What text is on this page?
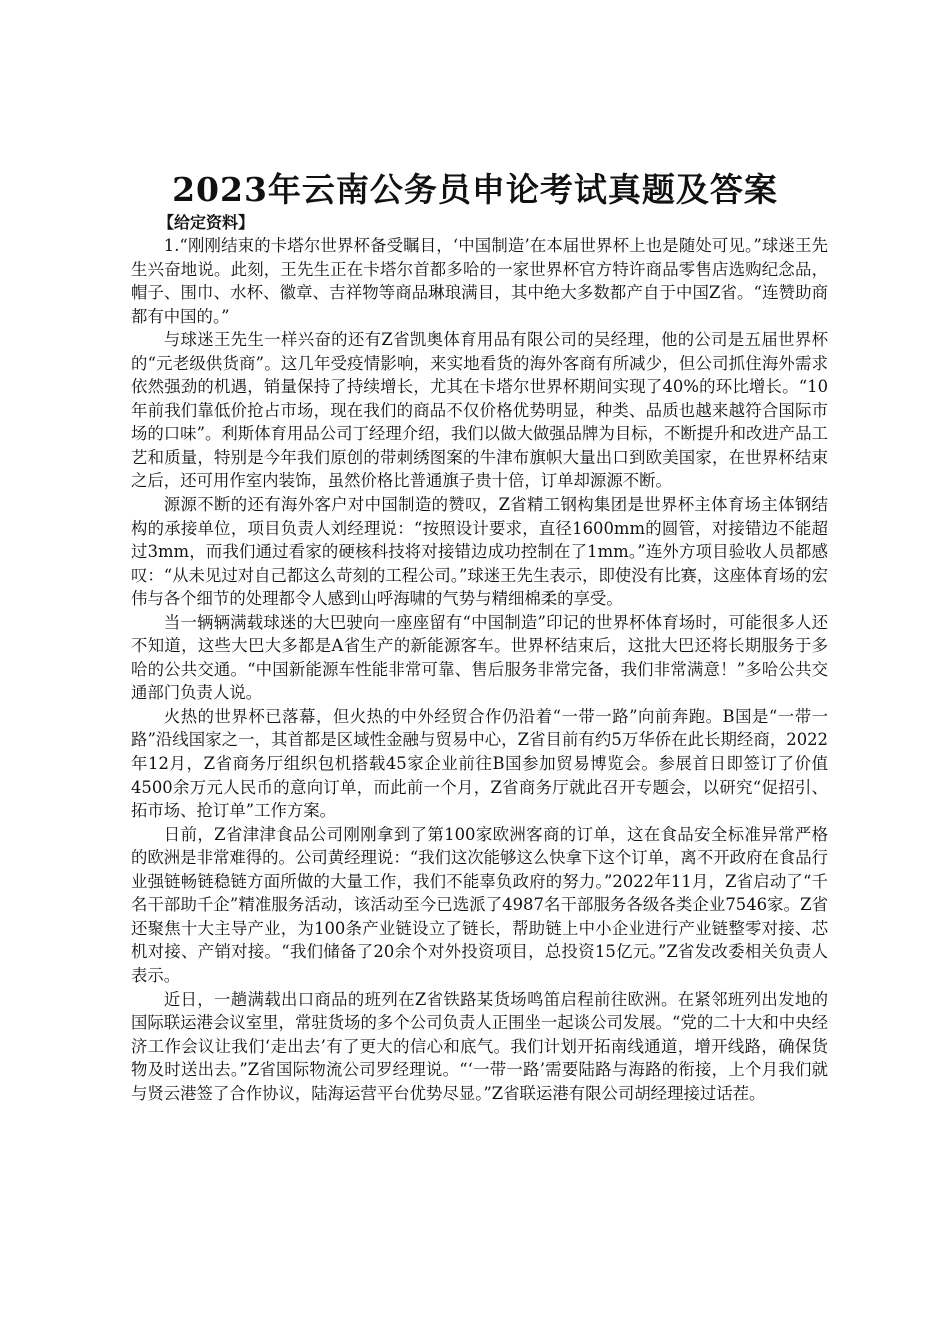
2023年云南公务员申论考试真题及答案
【给定资料】

1.“刚刚结束的卡塔尔世界杯备受瞩目，‘中国制造’在本届世界杯上也是随处可见。”球迷王先生兴奋地说。此刻，王先生正在卡塔尔首都多哈的一家世界杯官方特许商品零售店选购纪念品，帽子、围巾、水杯、徽章、吉祥物等商品琳琅满目，其中绝大多数都产自于中国Z省。“连赞助商都有中国的。”

与球迷王先生一样兴奋的还有Z省凯奥体育用品有限公司的吴经理，他的公司是五届世界杯的“元老级供货商”。这几年受疫情影响，来实地看货的海外客商有所减少，但公司抓住海外需求依然强劲的机遇，销量保持了持续增长，尤其在卡塔尔世界杯期间实现了40%的环比增长。“10年前我们靠低价抢占市场，现在我们的商品不仅价格优势明显，种类、品质也越来越符合国际市场的口味”。利斯体育用品公司丁经理介绍，我们以做大做强品牌为目标，不断提升和改进产品工艺和质量，特别是今年我们原创的带刺绣图案的牛津布旗帜大量出口到欧美国家，在世界杯结束之后，还可用作室内装饰，虽然价格比普通旗子贵十倍，订单却源源不断。

源源不断的还有海外客户对中国制造的赞叹，Z省精工钢构集团是世界杯主体育场主体钢结构的承接单位，项目负责人刘经理说：“按照设计要求，直径1600mm的圆管，对接错边不能超过3mm，而我们通过看家的硬核科技将对接错边成功控制在了1mm。”连外方项目验收人员都感叹：“从未见过对自己都这么苛刻的工程公司。”球迷王先生表示，即使没有比赛，这座体育场的宏伟与各个细节的处理都令人感到山呼海啸的气势与精细棉柔的享受。

当一辆辆满载球迷的大巴驶向一座座留有“中国制造”印记的世界杯体育场时，可能很多人还不知道，这些大巴大多都是A省生产的新能源客车。世界杯结束后，这批大巴还将长期服务于多哈的公共交通。“中国新能源车性能非常可靠、售后服务非常完备，我们非常满意！”多哈公共交通部门负责人说。

火热的世界杯已落幕，但火热的中外经贸合作仍沿着“一带一路”向前奔跑。B国是“一带一路”沿线国家之一，其首都是区域性金融与贸易中心，Z省目前有约5万华侨在此长期经商，2022年12月，Z省商务厅组织包机搭载45家企业前往B国参加贸易博览会。参展首日即签订了价值4500余万元人民币的意向订单，而此前一个月，Z省商务厅就此召开专题会，以研究“促招引、拓市场、抢订单”工作方案。

日前，Z省津津食品公司刚刚拿到了第100家欧洲客商的订单，这在食品安全标准异常严格的欧洲是非常难得的。公司黄经理说：“我们这次能够这么快拿下这个订单，离不开政府在食品行业强链畅链稳链方面所做的大量工作，我们不能辜负政府的努力。”2022年11月，Z省启动了“千名干部助千企”精准服务活动，该活动至今已选派了4987名干部服务各级各类企业7546家。Z省还聚焦十大主导产业，为100条产业链设立了链长，帮助链上中小企业进行产业链整零对接、芯机对接、产销对接。“我们储备了20余个对外投资项目，总投资15亿元。”Z省发改委相关负责人表示。

近日，一趟满载出口商品的班列在Z省铁路某货场鸣笛启程前往欧洲。在紧邻班列出发地的国际联运港会议室里，常驻货场的多个公司负责人正围坐一起谈公司发展。“党的二十大和中央经济工作会议让我们‘走出去’有了更大的信心和底气。我们计划开拓南线通道，增开线路，确保货物及时送出去。”Z省国际物流公司罗经理说。“‘一带一路’需要陆路与海路的衔接，上个月我们就与贤云港签了合作协议，陆海运营平台优势尽显。”Z省联运港有限公司胡经理接过话茬。
